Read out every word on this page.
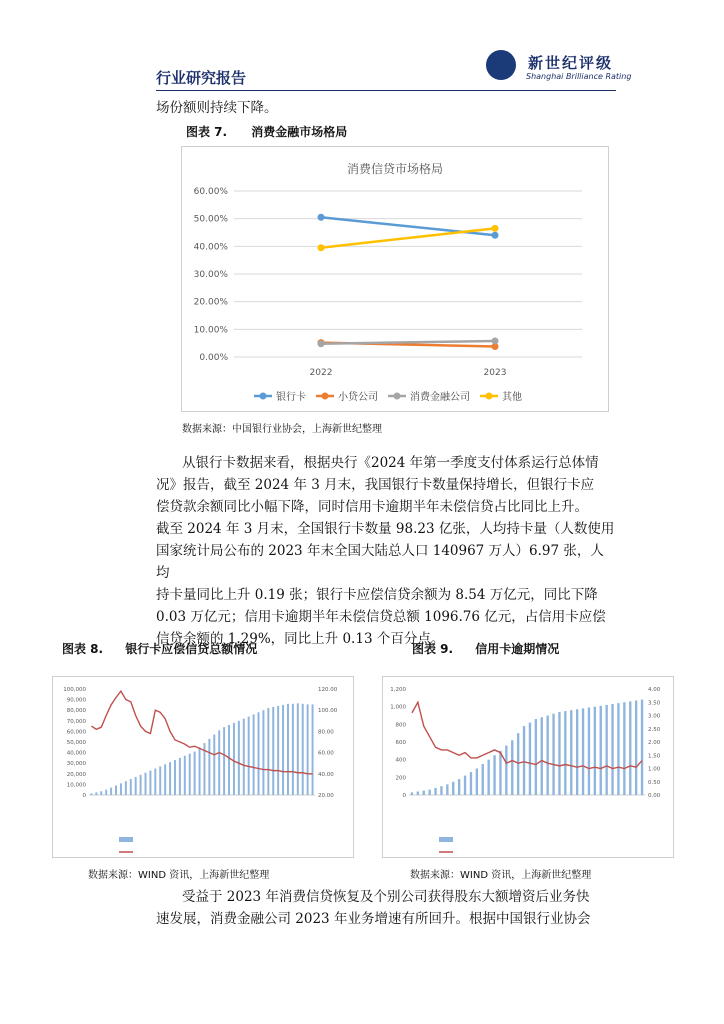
新世纪评级
Shanghai Brilliance Rating
行业研究报告
场份额则持续下降。
图表 7. 消费金融市场格局
消费信贷市场格局
0.00%
10.00%
20.00%
30.00%
40.00%
50.00%
60.00%
2022	2023
银行卡	小贷公司	消费金融公司	其他
数据来源：中国银行业协会，上海新世纪整理
从银行卡数据来看，根据央行《2024 年第一季度支付体系运行总体情
况》报告，截至 2024 年 3 月末，我国银行卡数量保持增长，但银行卡应
偿贷款余额同比小幅下降，同时信用卡逾期半年未偿信贷占比同比上升。
截至 2024 年 3 月末，全国银行卡数量 98.23 亿张，人均持卡量（人数使用
国家统计局公布的 2023 年末全国大陆总人口 140967 万人）6.97 张，人均
持卡量同比上升 0.19 张；银行卡应偿信贷余额为 8.54 万亿元，同比下降
0.03 万亿元；信用卡逾期半年未偿信贷总额 1096.76 亿元，占信用卡应偿
信贷余额的 1.29%，同比上升 0.13 个百分点。
图表 8. 银行卡应偿信贷总额情况	图表 9. 信用卡逾期情况
0
10,000
20,000
30,000
40,000
50,000
60,000
70,000
80,000
90,000
100,000
20.00
40.00
60.00
80.00
100.00
120.00
0
200
400
600
800
1,000
1,200
0.00
0.50
1.00
1.50
2.00
2.50
3.00
3.50
4.00
数据来源：WIND 资讯，上海新世纪整理	数据来源：WIND 资讯，上海新世纪整理
受益于 2023 年消费信贷恢复及个别公司获得股东大额增资后业务快
速发展，消费金融公司 2023 年业务增速有所回升。根据中国银行业协会
